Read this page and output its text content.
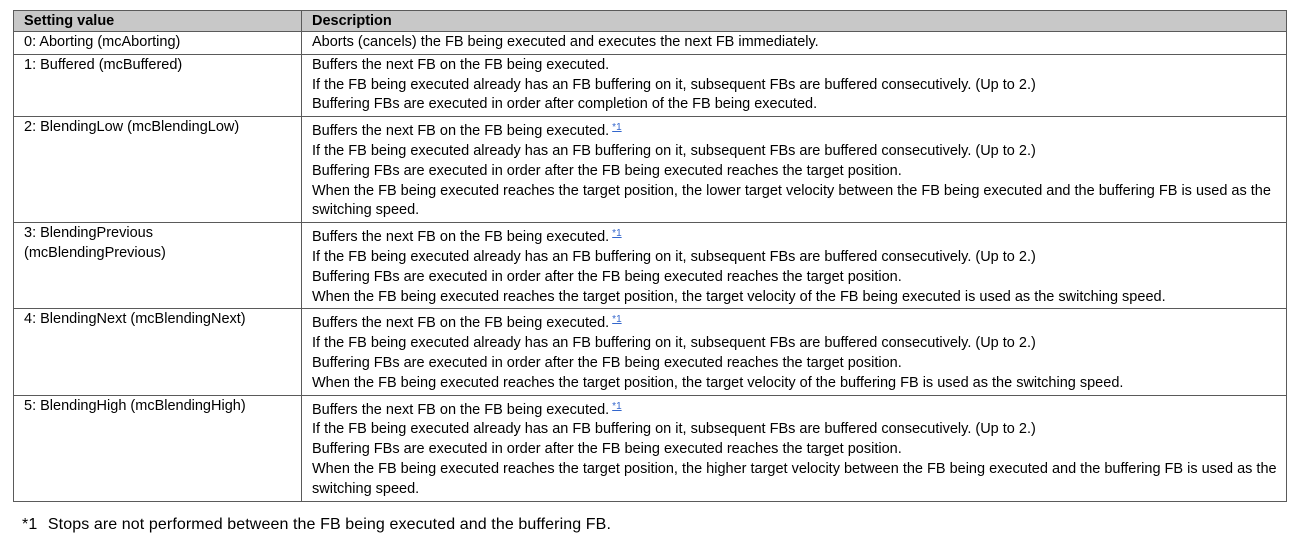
Setting value	Description
0: Aborting (mcAborting)	Aborts (cancels) the FB being executed and executes the next FB immediately.

1: Buffered (mcBuffered)	Buffers the next FB on the FB being executed.
If the FB being executed already has an FB buffering on it, subsequent FBs are buffered consecutively. (Up to 2.)
Buffering FBs are executed in order after completion of the FB being executed.

2: BlendingLow (mcBlendingLow)	Buffers the next FB on the FB being executed. $^{*1}$
If the FB being executed already has an FB buffering on it, subsequent FBs are buffered consecutively. (Up to 2.)
Buffering FBs are executed in order after the FB being executed reaches the target position.
When the FB being executed reaches the target position, the lower target velocity between the FB being executed and the buffering FB is used as the switching speed.

3: BlendingPrevious (mcBlendingPrevious)	Buffers the next FB on the FB being executed. $^{*1}$
If the FB being executed already has an FB buffering on it, subsequent FBs are buffered consecutively. (Up to 2.)
Buffering FBs are executed in order after the FB being executed reaches the target position.
When the FB being executed reaches the target position, the target velocity of the FB being executed is used as the switching speed.

4: BlendingNext (mcBlendingNext)	Buffers the next FB on the FB being executed. $^{*1}$
If the FB being executed already has an FB buffering on it, subsequent FBs are buffered consecutively. (Up to 2.)
Buffering FBs are executed in order after the FB being executed reaches the target position.
When the FB being executed reaches the target position, the target velocity of the buffering FB is used as the switching speed.

5: BlendingHigh (mcBlendingHigh)	Buffers the next FB on the FB being executed. $^{*1}$
If the FB being executed already has an FB buffering on it, subsequent FBs are buffered consecutively. (Up to 2.)
Buffering FBs are executed in order after the FB being executed reaches the target position.
When the FB being executed reaches the target position, the higher target velocity between the FB being executed and the buffering FB is used as the switching speed.
*1 Stops are not performed between the FB being executed and the buffering FB.
